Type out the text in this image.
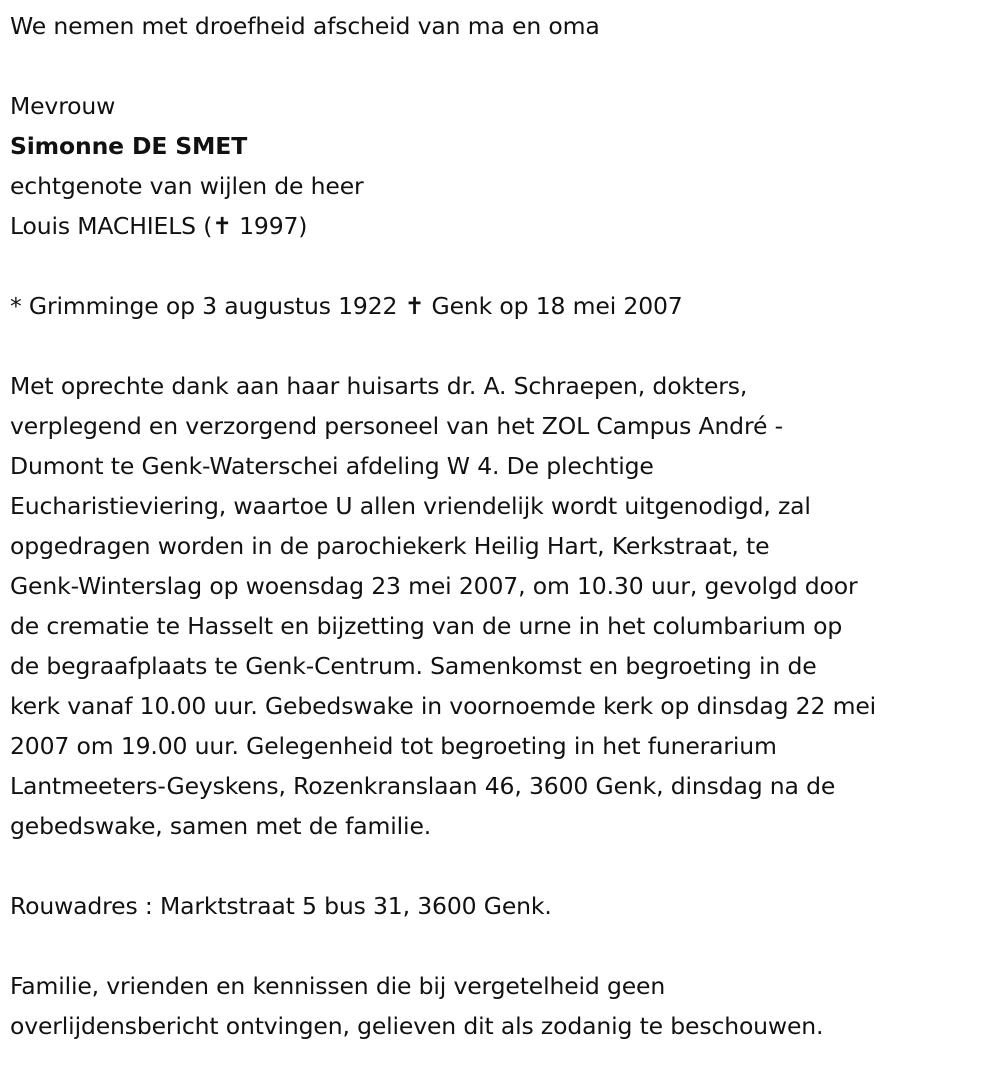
We nemen met droefheid afscheid van ma en oma
Mevrouw
Simonne DE SMET
echtgenote van wijlen de heer
Louis MACHIELS (✝ 1997)
* Grimminge op 3 augustus 1922 ✝ Genk op 18 mei 2007
Met oprechte dank aan haar huisarts dr. A. Schraepen, dokters,
verplegend en verzorgend personeel van het ZOL Campus André -
Dumont te Genk-Waterschei afdeling W 4. De plechtige
Eucharistieviering, waartoe U allen vriendelijk wordt uitgenodigd, zal
opgedragen worden in de parochiekerk Heilig Hart, Kerkstraat, te
Genk-Winterslag op woensdag 23 mei 2007, om 10.30 uur, gevolgd door
de crematie te Hasselt en bijzetting van de urne in het columbarium op
de begraafplaats te Genk-Centrum. Samenkomst en begroeting in de
kerk vanaf 10.00 uur. Gebedswake in voornoemde kerk op dinsdag 22 mei
2007 om 19.00 uur. Gelegenheid tot begroeting in het funerarium
Lantmeeters-Geyskens, Rozenkranslaan 46, 3600 Genk, dinsdag na de
gebedswake, samen met de familie.
Rouwadres : Marktstraat 5 bus 31, 3600 Genk.
Familie, vrienden en kennissen die bij vergetelheid geen
overlijdensbericht ontvingen, gelieven dit als zodanig te beschouwen.
